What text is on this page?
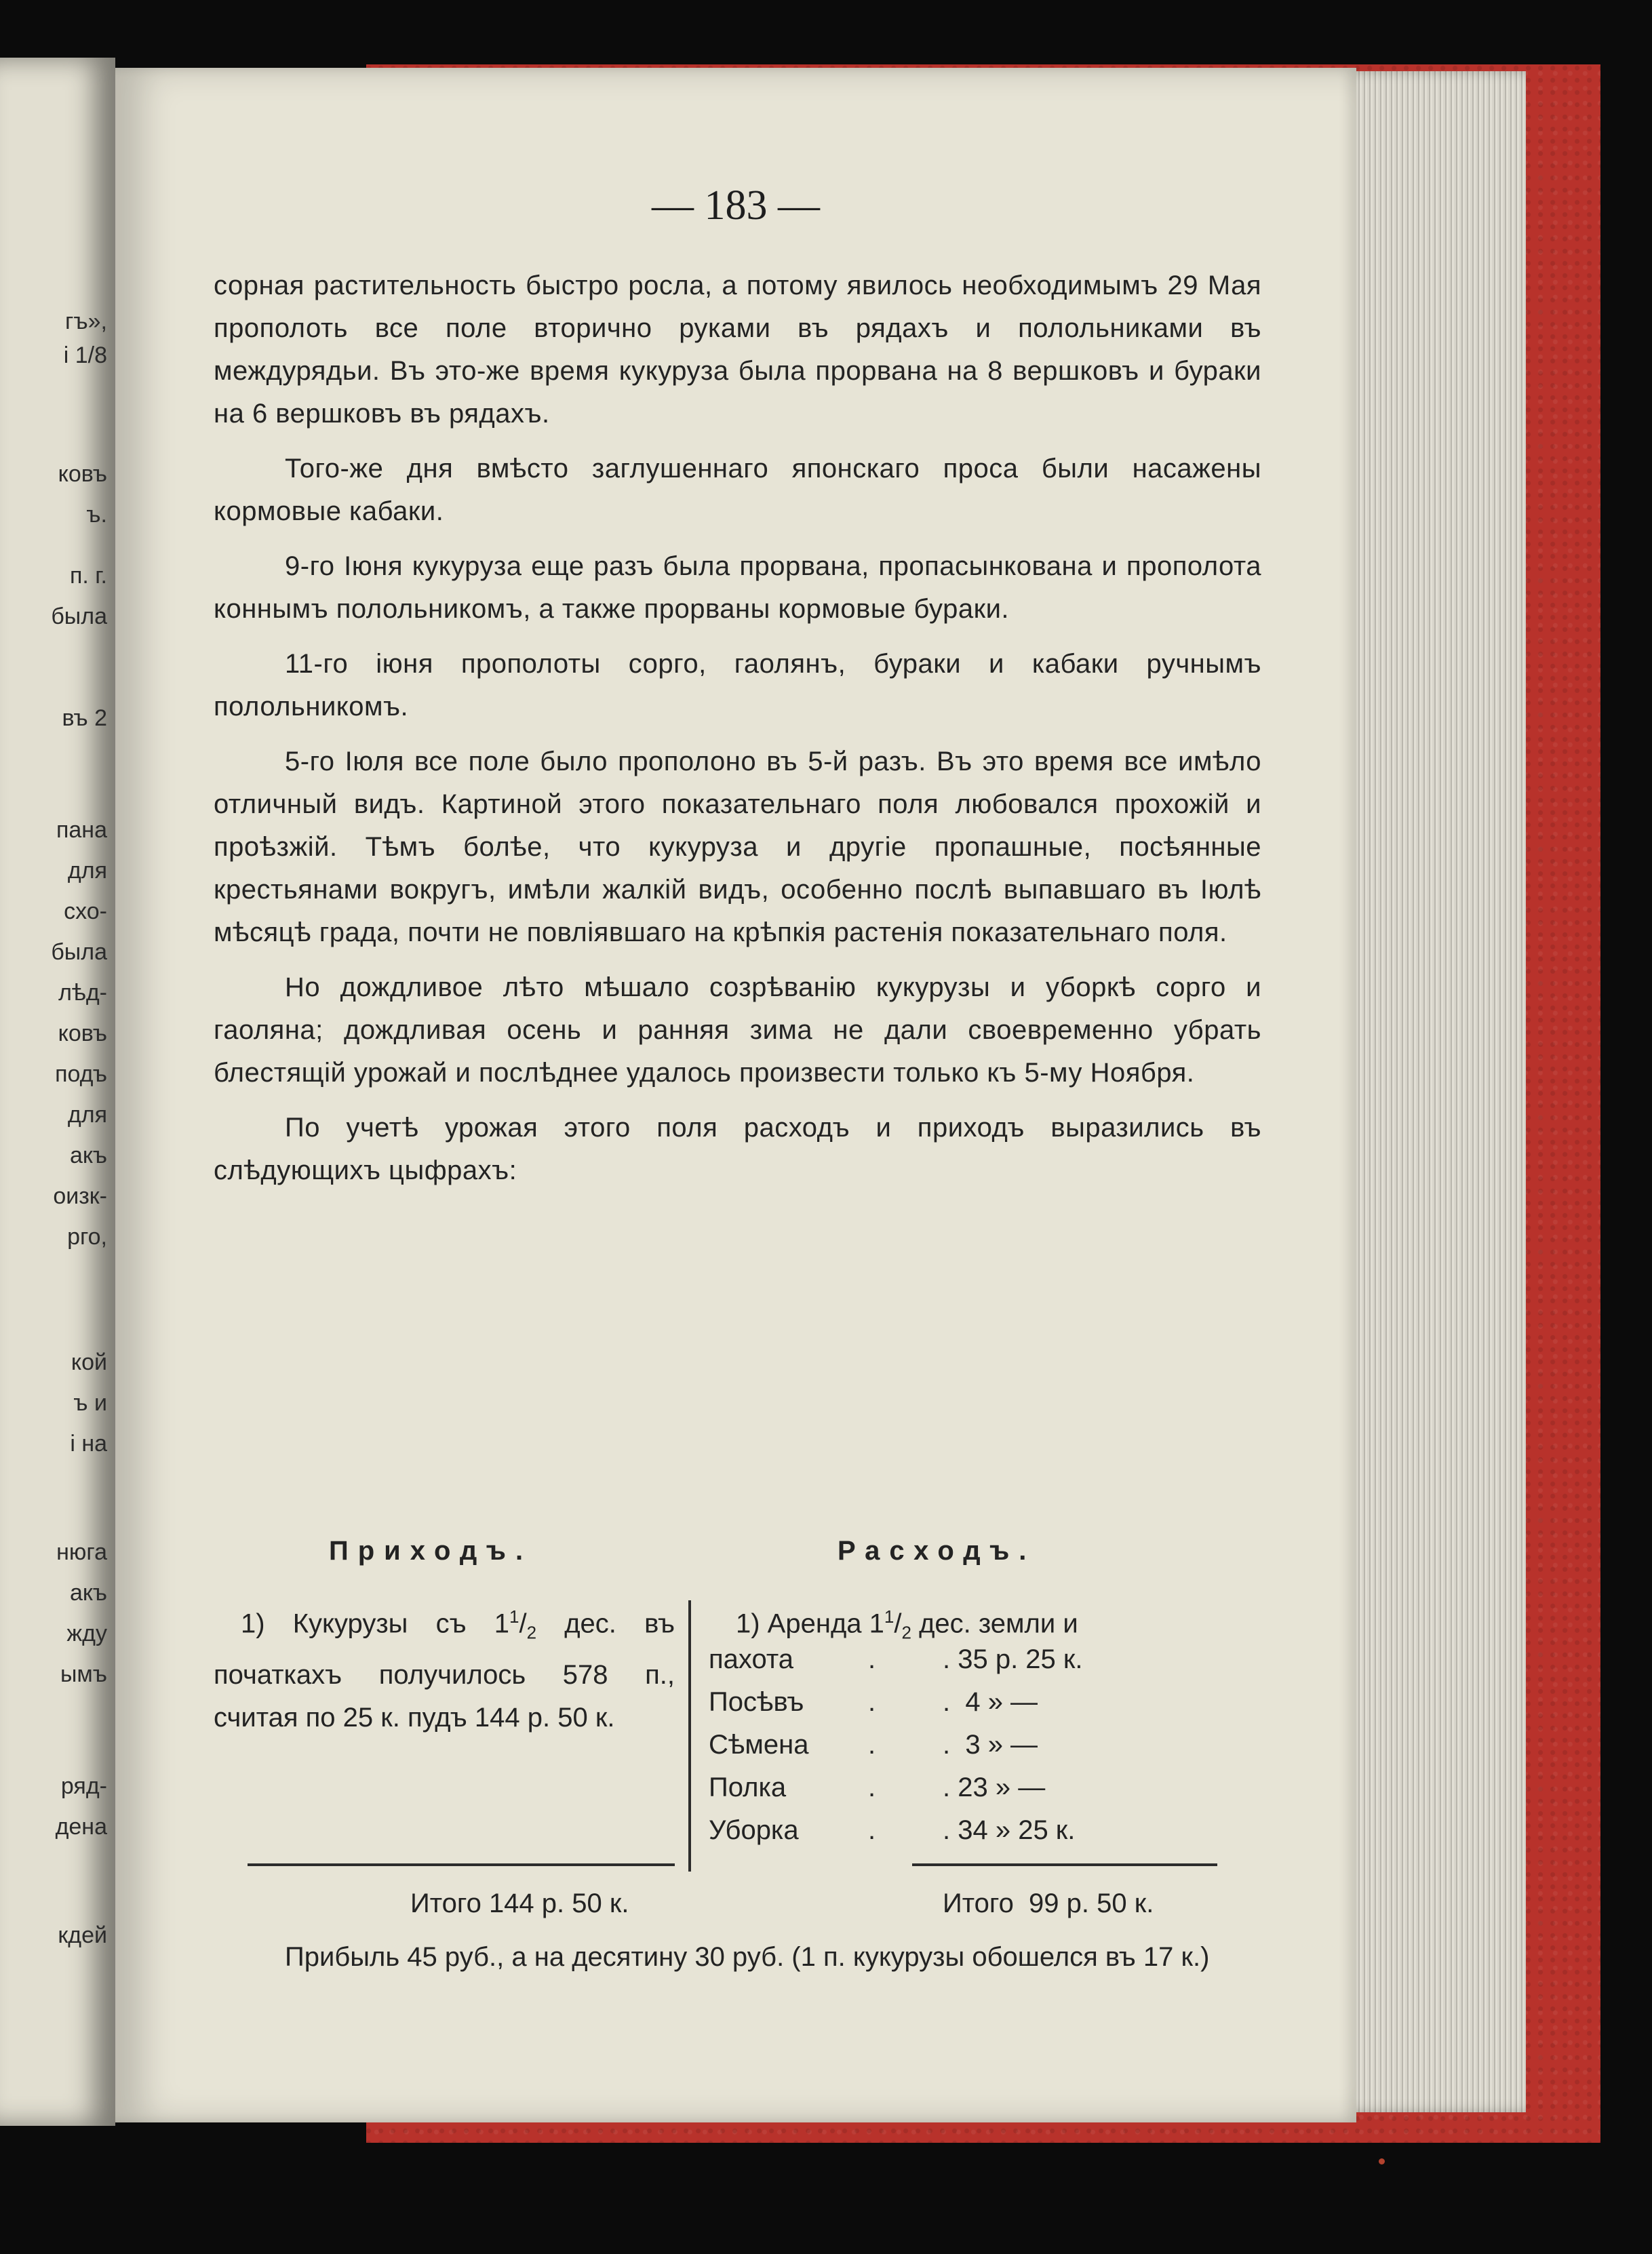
гъ»,
і 1/8
ковъ
ъ.
п. г.
была
въ 2
пана
для
схо-
была
лѣд-
ковъ
подъ
для
акъ
оизк-
рго,
кой
ъ и
і на
нюга
акъ
жду
ымъ
ряд-
дена
кдей
— 183 —

сорная растительность быстро росла, а потому явилось необходимымъ 29 Мая прополоть все поле вторично руками въ рядахъ и полольниками въ междурядьи. Въ это-же время кукуруза была прорвана на 8 вершковъ и бураки на 6 вершковъ въ рядахъ.

Того-же дня вмѣсто заглушеннаго японскаго проса были насажены кормовые кабаки.

9-го Іюня кукуруза еще разъ была прорвана, пропасынкована и прополота коннымъ полольникомъ, а также прорваны кормовые бураки.

11-го іюня прополоты сорго, гаолянъ, бураки и кабаки ручнымъ полольникомъ.

5-го Іюля все поле было прополоно въ 5-й разъ. Въ это время все имѣло отличный видъ. Картиной этого показательнаго поля любовался прохожій и проѣзжій. Тѣмъ болѣе, что кукуруза и другіе пропашные, посѣянные крестьянами вокругъ, имѣли жалкій видъ, особенно послѣ выпавшаго въ Іюлѣ мѣсяцѣ града, почти не повліявшаго на крѣпкія растенія показательнаго поля.

Но дождливое лѣто мѣшало созрѣванію кукурузы и уборкѣ сорго и гаоляна; дождливая осень и ранняя зима не дали своевременно убрать блестящій урожай и послѣднее удалось произвести только къ 5-му Ноября.

По учетѣ урожая этого поля расходъ и приходъ выразились въ слѣдующихъ цыфрахъ:

Приходъ.	Расходъ.
1) Кукурузы съ $1^1/_2$ дес. въ початкахъ получилось 578 п., считая по 25 к. пудъ 144 р. 50 к.
1) Аренда $1^1/_2$ дес. земли и
пахота	. . 35 р. 25 к.
Посѣвъ . .  4 » —
Сѣмена . .  3 » —
Полка	. . 23 » —
Уборка	. . 34 » 25 к.
Итого 144 р. 50 к.	Итого  99 р. 50 к.
Прибыль 45 руб., а на десятину 30 руб. (1 п. кукурузы обошелся въ 17 к.)
